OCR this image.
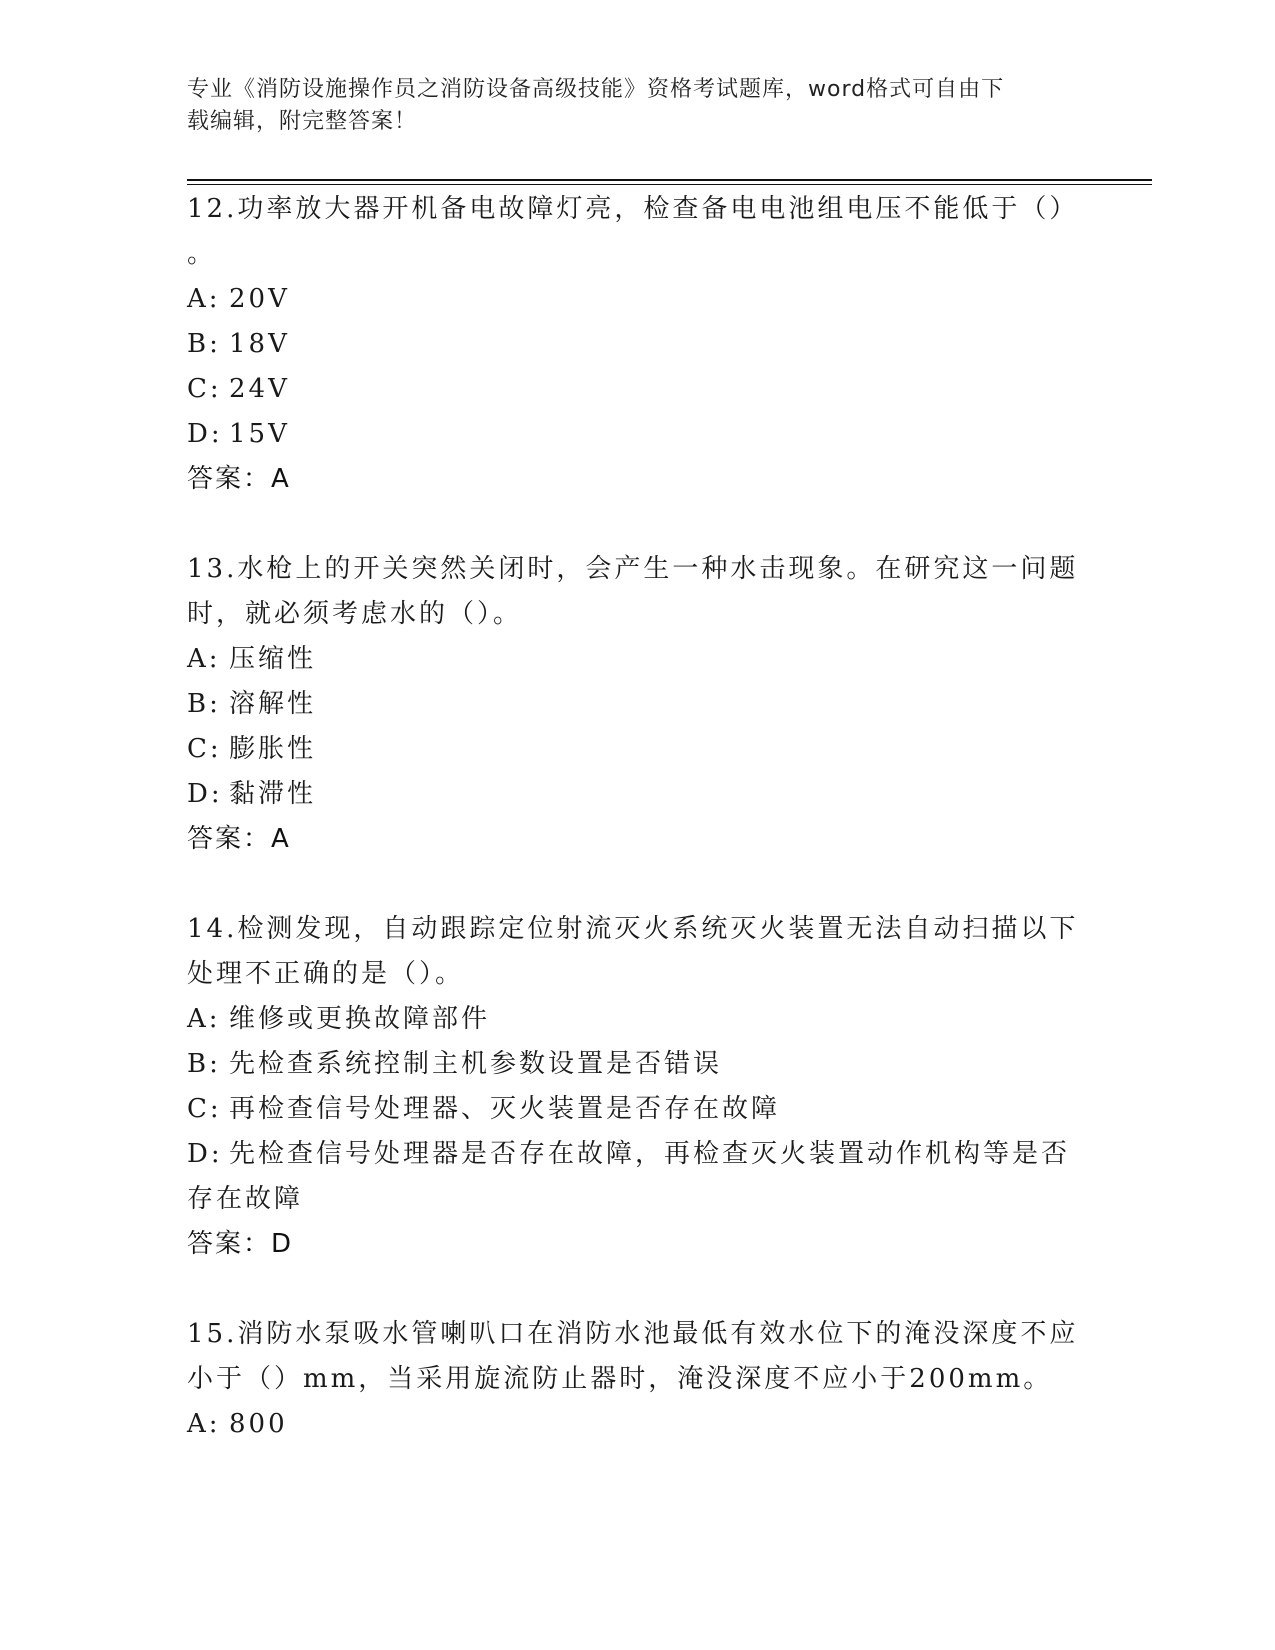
专业《消防设施操作员之消防设备高级技能》资格考试题库，word格式可自由下
载编辑，附完整答案！
12.功率放大器开机备电故障灯亮，检查备电电池组电压不能低于（）
。
A: 20V
B: 18V
C: 24V
D: 15V
答案：A
13.水枪上的开关突然关闭时，会产生一种水击现象。在研究这一问题
时，就必须考虑水的（）。
A: 压缩性
B: 溶解性
C: 膨胀性
D: 黏滞性
答案：A
14.检测发现，自动跟踪定位射流灭火系统灭火装置无法自动扫描以下
处理不正确的是（）。
A: 维修或更换故障部件
B: 先检查系统控制主机参数设置是否错误
C: 再检查信号处理器、灭火装置是否存在故障
D: 先检查信号处理器是否存在故障，再检查灭火装置动作机构等是否
存在故障
答案：D
15.消防水泵吸水管喇叭口在消防水池最低有效水位下的淹没深度不应
小于（）mm，当采用旋流防止器时，淹没深度不应小于200mm。
A: 800
